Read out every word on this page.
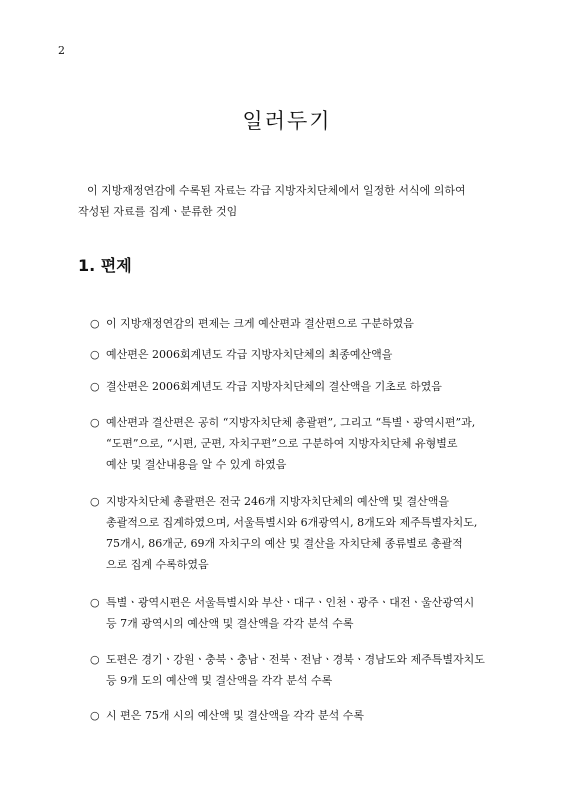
2
일러두기

이 지방재정연감에 수록된 자료는 각급 지방자치단체에서 일정한 서식에 의하여
작성된 자료를 집계ㆍ분류한 것임

1. 편제
○ 이 지방재정연감의 편제는 크게 예산편과 결산편으로 구분하였음
○ 예산편은 2006회계년도 각급 지방자치단체의 최종예산액을
○ 결산편은 2006회계년도 각급 지방자치단체의 결산액을 기초로 하였음
○ 예산편과 결산편은 공히 “지방자치단체 총괄편”, 그리고 “특별ㆍ광역시편”과,
“도편”으로, “시편, 군편, 자치구편”으로 구분하여 지방자치단체 유형별로
예산 및 결산내용을 알 수 있게 하였음
○ 지방자치단체 총괄편은 전국 246개 지방자치단체의 예산액 및 결산액을
총괄적으로 집계하였으며, 서울특별시와 6개광역시, 8개도와 제주특별자치도,
75개시, 86개군, 69개 자치구의 예산 및 결산을 자치단체 종류별로 총괄적
으로 집계 수록하였음
○ 특별ㆍ광역시편은 서울특별시와 부산ㆍ대구ㆍ인천ㆍ광주ㆍ대전ㆍ울산광역시
등 7개 광역시의 예산액 및 결산액을 각각 분석 수록
○ 도편은 경기ㆍ강원ㆍ충북ㆍ충남ㆍ전북ㆍ전남ㆍ경북ㆍ경남도와 제주특별자치도
등 9개 도의 예산액 및 결산액을 각각 분석 수록
○ 시 편은 75개 시의 예산액 및 결산액을 각각 분석 수록
